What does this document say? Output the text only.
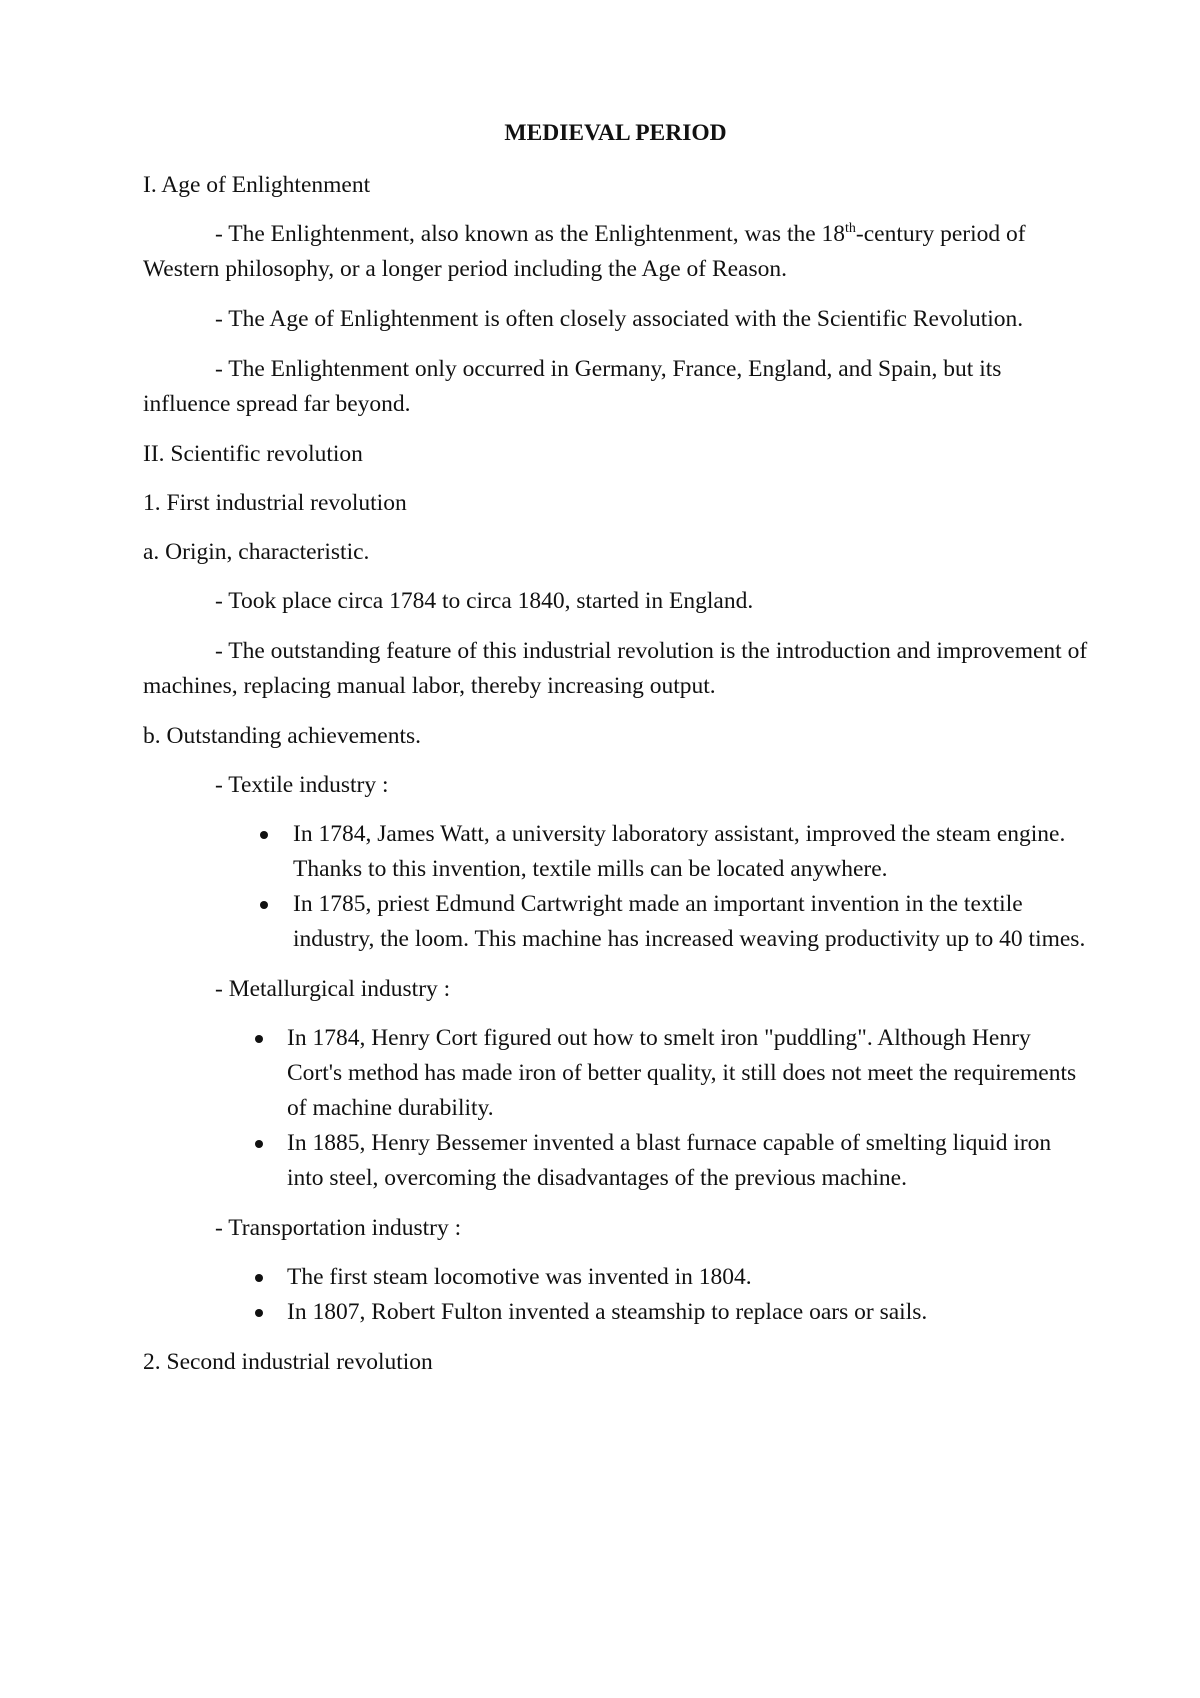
MEDIEVAL PERIOD
I. Age of Enlightenment
- The Enlightenment, also known as the Enlightenment, was the 18th-century period of Western philosophy, or a longer period including the Age of Reason.
- The Age of Enlightenment is often closely associated with the Scientific Revolution.
- The Enlightenment only occurred in Germany, France, England, and Spain, but its influence spread far beyond.
II. Scientific revolution
1. First industrial revolution
a. Origin, characteristic.
- Took place circa 1784 to circa 1840, started in England.
- The outstanding feature of this industrial revolution is the introduction and improvement of machines, replacing manual labor, thereby increasing output.
b. Outstanding achievements.
- Textile industry :
In 1784, James Watt, a university laboratory assistant, improved the steam engine. Thanks to this invention, textile mills can be located anywhere.
In 1785, priest Edmund Cartwright made an important invention in the textile industry, the loom. This machine has increased weaving productivity up to 40 times.
- Metallurgical industry :
In 1784, Henry Cort figured out how to smelt iron "puddling". Although Henry Cort's method has made iron of better quality, it still does not meet the requirements of machine durability.
In 1885, Henry Bessemer invented a blast furnace capable of smelting liquid iron into steel, overcoming the disadvantages of the previous machine.
- Transportation industry :
The first steam locomotive was invented in 1804.
In 1807, Robert Fulton invented a steamship to replace oars or sails.
2. Second industrial revolution
